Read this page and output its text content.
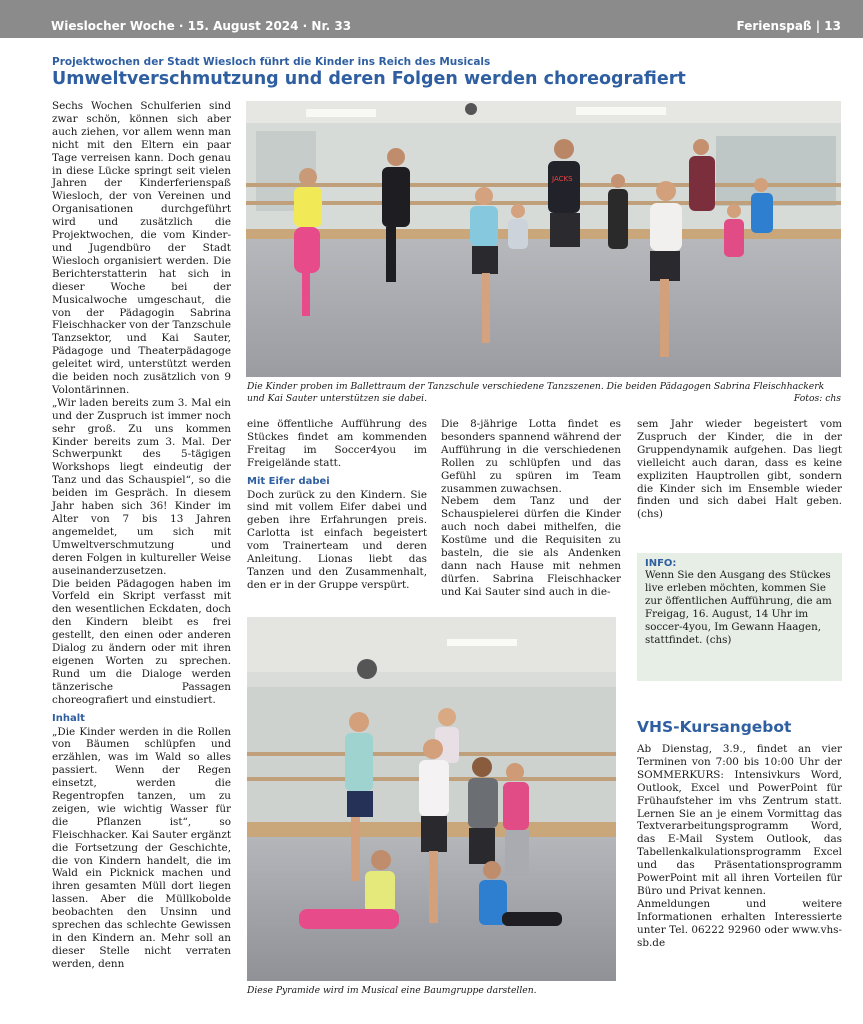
Wieslocher Woche · 15. August 2024 · Nr. 33	Ferienspaß | 13
Projektwochen der Stadt Wiesloch führt die Kinder ins Reich des Musicals
Umweltverschmutzung und deren Folgen werden choreografiert

Sechs Wochen Schulferien sind zwar schön, können sich aber auch ziehen, vor allem wenn man nicht mit den Eltern ein paar Tage verreisen kann. Doch genau in diese Lücke springt seit vielen Jahren der Kinderferienspaß Wiesloch, der von Vereinen und Organisationen durchgeführt wird und zusätzlich die Projektwochen, die vom Kinder- und Jugendbüro der Stadt Wiesloch organisiert werden. Die Berichterstatterin hat sich in dieser Woche bei der Musicalwoche umgeschaut, die von der Pädagogin Sabrina Fleischhacker von der Tanzschule Tanzsektor, und Kai Sauter, Pädagoge und Theaterpädagoge geleitet wird, unterstützt werden die beiden noch zusätzlich von 9 Volontärinnen.

„Wir laden bereits zum 3. Mal ein und der Zuspruch ist immer noch sehr groß. Zu uns kommen Kinder bereits zum 3. Mal. Der Schwerpunkt des 5-tägigen Workshops liegt eindeutig der Tanz und das Schauspiel“, so die beiden im Gespräch. In diesem Jahr haben sich 36! Kinder im Alter von 7 bis 13 Jahren angemeldet, um sich mit Umweltverschmutzung und deren Folgen in kultureller Weise auseinanderzusetzen.

Die beiden Pädagogen haben im Vorfeld ein Skript verfasst mit den wesentlichen Eckdaten, doch den Kindern bleibt es frei gestellt, den einen oder anderen Dialog zu ändern oder mit ihren eigenen Worten zu sprechen. Rund um die Dialoge werden tänzerische Passagen choreografiert und einstudiert.

Inhalt

„Die Kinder werden in die Rollen von Bäumen schlüpfen und erzählen, was im Wald so alles passiert. Wenn der Regen einsetzt, werden die Regentropfen tanzen, um zu zeigen, wie wichtig Wasser für die Pflanzen ist“, so Fleischhacker. Kai Sauter ergänzt die Fortsetzung der Geschichte, die von Kindern handelt, die im Wald ein Picknick machen und ihren gesamten Müll dort liegen lassen. Aber die Müllkobolde beobachten den Unsinn und sprechen das schlechte Gewissen in den Kindern an. Mehr soll an dieser Stelle nicht verraten werden, denn

JACKS
Die Kinder proben im Ballettraum der Tanzschule verschiedene Tanzszenen. Die beiden Pädagogen Sabrina Fleischhackerk und Kai Sauter unterstützen sie dabei.	Fotos: chs

eine öffentliche Aufführung des Stückes findet am kommenden Freitag im Soccer4you im Freigelände statt.

Mit Eifer dabei

Doch zurück zu den Kindern. Sie sind mit vollem Eifer dabei und geben ihre Erfahrungen preis. Carlotta ist einfach begeistert vom Trainerteam und deren Anleitung. Lionas liebt das Tanzen und den Zusammenhalt, den er in der Gruppe verspürt.

Die 8-jährige Lotta findet es besonders spannend während der Aufführung in die verschiedenen Rollen zu schlüpfen und das Gefühl zu spüren im Team zusammen zuwachsen.

Nebem dem Tanz und der Schauspielerei dürfen die Kinder auch noch dabei mithelfen, die Kostüme und die Requisiten zu basteln, die sie als Andenken dann nach Hause mit nehmen dürfen. Sabrina Fleischhacker und Kai Sauter sind auch in die-

sem Jahr wieder begeistert vom Zuspruch der Kinder, die in der Gruppendynamik aufgehen. Das liegt vielleicht auch daran, dass es keine expliziten Hauptrollen gibt, sondern die Kinder sich im Ensemble wieder finden und sich dabei Halt geben. (chs)

INFO:
Wenn Sie den Ausgang des Stückes live erleben möchten, kommen Sie zur öffentlichen Aufführung, die am Freigag, 16. August, 14 Uhr im soccer-4you, Im Gewann Haagen, stattfindet. (chs)
Diese Pyramide wird im Musical eine Baumgruppe darstellen.
VHS-Kursangebot

Ab Dienstag, 3.9., findet an vier Terminen von 7:00 bis 10:00 Uhr der SOMMERKURS: Intensivkurs Word, Outlook, Excel und PowerPoint für Frühaufsteher im vhs Zentrum statt. Lernen Sie an je einem Vormittag das Textverarbeitungsprogramm Word, das E-Mail System Outlook, das Tabellenkalkulationsprogramm Excel und das Präsentationsprogramm PowerPoint mit all ihren Vorteilen für Büro und Privat kennen.

Anmeldungen und weitere Informationen erhalten Interessierte unter Tel. 06222 92960 oder www.vhs-sb.de
